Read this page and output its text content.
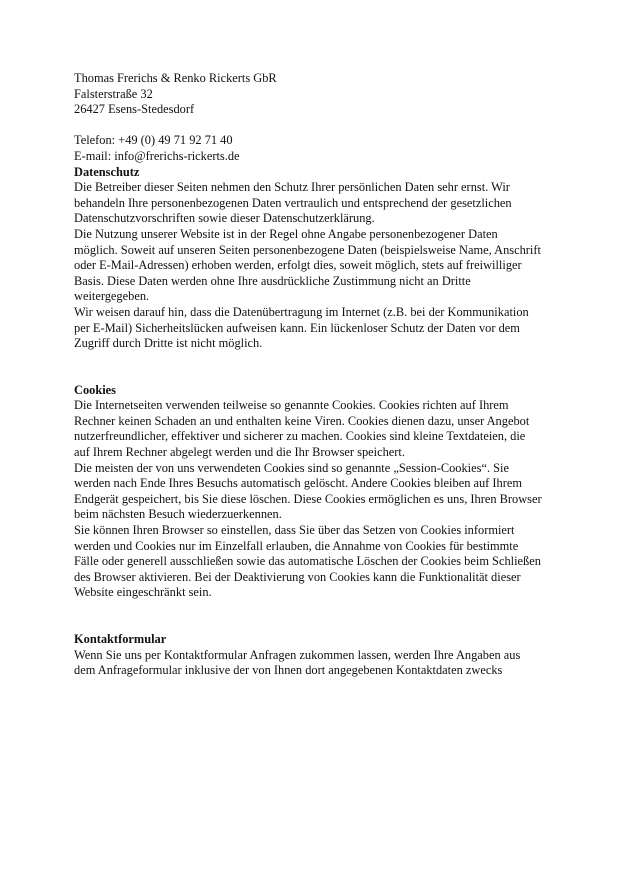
Thomas Frerichs & Renko Rickerts GbR

Falsterstraße 32

26427 Esens-Stedesdorf

Telefon: +49 (0) 49 71 92 71 40

E-mail: info@frerichs-rickerts.de

Datenschutz

Die Betreiber dieser Seiten nehmen den Schutz Ihrer persönlichen Daten sehr ernst. Wir
behandeln Ihre personenbezogenen Daten vertraulich und entsprechend der gesetzlichen
Datenschutzvorschriften sowie dieser Datenschutzerklärung.

Die Nutzung unserer Website ist in der Regel ohne Angabe personenbezogener Daten
möglich. Soweit auf unseren Seiten personenbezogene Daten (beispielsweise Name, Anschrift
oder E-Mail-Adressen) erhoben werden, erfolgt dies, soweit möglich, stets auf freiwilliger
Basis. Diese Daten werden ohne Ihre ausdrückliche Zustimmung nicht an Dritte
weitergegeben.

Wir weisen darauf hin, dass die Datenübertragung im Internet (z.B. bei der Kommunikation
per E-Mail) Sicherheitslücken aufweisen kann. Ein lückenloser Schutz der Daten vor dem
Zugriff durch Dritte ist nicht möglich.

Cookies

Die Internetseiten verwenden teilweise so genannte Cookies. Cookies richten auf Ihrem
Rechner keinen Schaden an und enthalten keine Viren. Cookies dienen dazu, unser Angebot
nutzerfreundlicher, effektiver und sicherer zu machen. Cookies sind kleine Textdateien, die
auf Ihrem Rechner abgelegt werden und die Ihr Browser speichert.

Die meisten der von uns verwendeten Cookies sind so genannte „Session-Cookies“. Sie
werden nach Ende Ihres Besuchs automatisch gelöscht. Andere Cookies bleiben auf Ihrem
Endgerät gespeichert, bis Sie diese löschen. Diese Cookies ermöglichen es uns, Ihren Browser
beim nächsten Besuch wiederzuerkennen.

Sie können Ihren Browser so einstellen, dass Sie über das Setzen von Cookies informiert
werden und Cookies nur im Einzelfall erlauben, die Annahme von Cookies für bestimmte
Fälle oder generell ausschließen sowie das automatische Löschen der Cookies beim Schließen
des Browser aktivieren. Bei der Deaktivierung von Cookies kann die Funktionalität dieser
Website eingeschränkt sein.

Kontaktformular

Wenn Sie uns per Kontaktformular Anfragen zukommen lassen, werden Ihre Angaben aus
dem Anfrageformular inklusive der von Ihnen dort angegebenen Kontaktdaten zwecks
